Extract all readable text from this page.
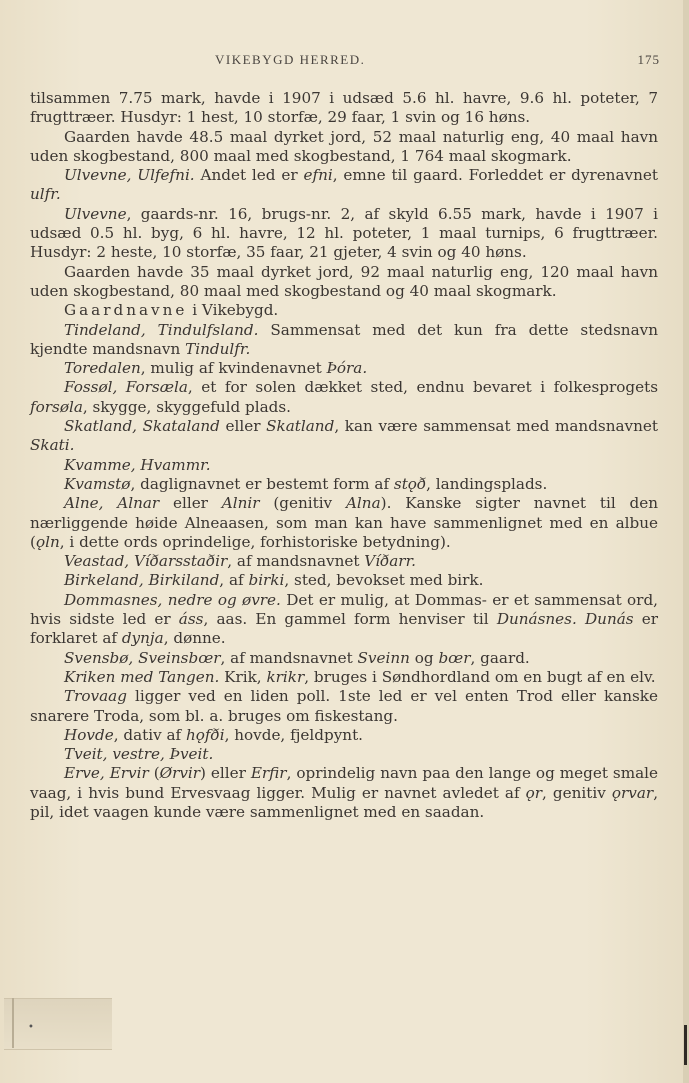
VIKEBYGD HERRED.	175

tilsammen 7.75 mark, havde i 1907 i udsæd 5.6 hl. havre, 9.6 hl. poteter, 7 frugttræer. Husdyr: 1 hest, 10 storfæ, 29 faar, 1 svin og 16 høns.

Gaarden havde 48.5 maal dyrket jord, 52 maal naturlig eng, 40 maal havn uden skogbestand, 800 maal med skogbestand, 1 764 maal skogmark.

Ulvevne, Ulfefni. Andet led er efni, emne til gaard. Forleddet er dyrenavnet ulfr.

Ulvevne, gaards-nr. 16, brugs-nr. 2, af skyld 6.55 mark, havde i 1907 i udsæd 0.5 hl. byg, 6 hl. havre, 12 hl. poteter, 1 maal turnips, 6 frugttræer. Husdyr: 2 heste, 10 storfæ, 35 faar, 21 gjeter, 4 svin og 40 høns.

Gaarden havde 35 maal dyrket jord, 92 maal naturlig eng, 120 maal havn uden skogbestand, 80 maal med skogbestand og 40 maal skogmark.

Gaardnavne i Vikebygd.

Tindeland, Tindulfsland. Sammensat med det kun fra dette stedsnavn kjendte mandsnavn Tindulfr.

Toredalen, mulig af kvindenavnet Þóra.

Fossøl, Forsæla, et for solen dækket sted, endnu bevaret i folkesprogets forsøla, skygge, skyggefuld plads.

Skatland, Skataland eller Skatland, kan være sammensat med mandsnavnet Skati.

Kvamme, Hvammr.

Kvamstø, daglignavnet er bestemt form af stǫð, landingsplads.

Alne, Alnar eller Alnir (genitiv Alna). Kanske sigter navnet til den nærliggende høide Alneaasen, som man kan have sammenlignet med en albue (ǫln, i dette ords oprindelige, forhistoriske betydning).

Veastad, Víðarsstaðir, af mandsnavnet Víðarr.

Birkeland, Birkiland, af birki, sted, bevokset med birk.

Dommasnes, nedre og øvre. Det er mulig, at Dommas- er et sammensat ord, hvis sidste led er áss, aas. En gammel form henviser til Dunásnes. Dunás er forklaret af dynja, dønne.

Svensbø, Sveinsbœr, af mandsnavnet Sveinn og bœr, gaard.

Kriken med Tangen. Krik, krikr, bruges i Søndhordland om en bugt af en elv.

Trovaag ligger ved en liden poll. 1ste led er vel enten Trod eller kanske snarere Troda, som bl. a. bruges om fiskestang.

Hovde, dativ af hǫfði, hovde, fjeldpynt.

Tveit, vestre, Þveit.

Erve, Ervir (Ørvir) eller Erfir, oprindelig navn paa den lange og meget smale vaag, i hvis bund Ervesvaag ligger. Mulig er navnet avledet af ǫr, genitiv ǫrvar, pil, idet vaagen kunde være sammenlignet med en saadan.

•
